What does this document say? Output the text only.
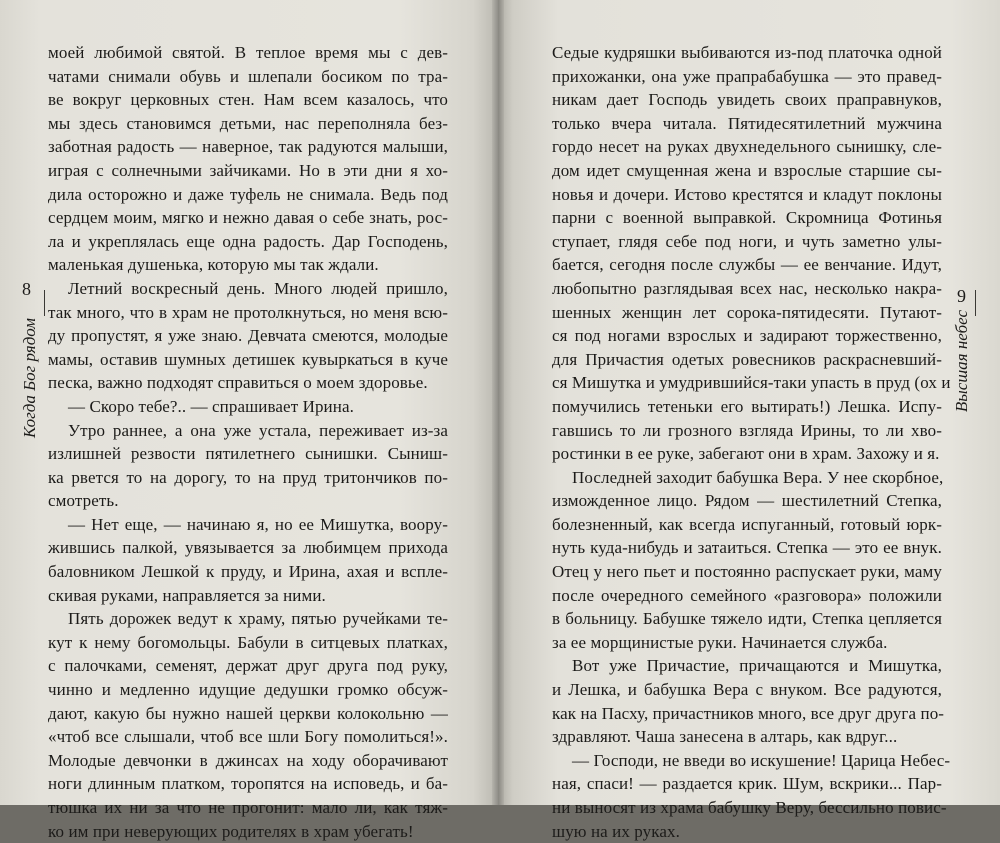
8
Когда Бог рядом
9
Высшая небес
моей любимой святой. В теплое время мы с дев-
чатами снимали обувь и шлепали босиком по тра-
ве вокруг церковных стен. Нам всем казалось, что
мы здесь становимся детьми, нас переполняла без-
заботная радость — наверное, так радуются малыши,
играя с солнечными зайчиками. Но в эти дни я хо-
дила осторожно и даже туфель не снимала. Ведь под
сердцем моим, мягко и нежно давая о себе знать, рос-
ла и укреплялась еще одна радость. Дар Господень,
маленькая душенька, которую мы так ждали.
Летний воскресный день. Много людей пришло,
так много, что в храм не протолкнуться, но меня всю-
ду пропустят, я уже знаю. Девчата смеются, молодые
мамы, оставив шумных детишек кувыркаться в куче
песка, важно подходят справиться о моем здоровье.
— Скоро тебе?.. — спрашивает Ирина.
Утро раннее, а она уже устала, переживает из-за
излишней резвости пятилетнего сынишки. Сыниш-
ка рвется то на дорогу, то на пруд тритончиков по-
смотреть.
— Нет еще, — начинаю я, но ее Мишутка, воору-
жившись палкой, увязывается за любимцем прихода
баловником Лешкой к пруду, и Ирина, ахая и вспле-
скивая руками, направляется за ними.
Пять дорожек ведут к храму, пятью ручейками те-
кут к нему богомольцы. Бабули в ситцевых платках,
с палочками, семенят, держат друг друга под руку,
чинно и медленно идущие дедушки громко обсуж-
дают, какую бы нужно нашей церкви колокольню —
«чтоб все слышали, чтоб все шли Богу помолиться!».
Молодые девчонки в джинсах на ходу оборачивают
ноги длинным платком, торопятся на исповедь, и ба-
тюшка их ни за что не прогонит: мало ли, как тяж-
ко им при неверующих родителях в храм убегать!
Седые кудряшки выбиваются из-под платочка одной
прихожанки, она уже прапрабабушка — это правед-
никам дает Господь увидеть своих праправнуков,
только вчера читала. Пятидесятилетний мужчина
гордо несет на руках двухнедельного сынишку, сле-
дом идет смущенная жена и взрослые старшие сы-
новья и дочери. Истово крестятся и кладут поклоны
парни с военной выправкой. Скромница Фотинья
ступает, глядя себе под ноги, и чуть заметно улы-
бается, сегодня после службы — ее венчание. Идут,
любопытно разглядывая всех нас, несколько накра-
шенных женщин лет сорока-пятидесяти. Путают-
ся под ногами взрослых и задирают торжественно,
для Причастия одетых ровесников раскрасневший-
ся Мишутка и умудрившийся-таки упасть в пруд (ох и
помучились тетеньки его вытирать!) Лешка. Испу-
гавшись то ли грозного взгляда Ирины, то ли хво-
ростинки в ее руке, забегают они в храм. Захожу и я.
Последней заходит бабушка Вера. У нее скорбное,
изможденное лицо. Рядом — шестилетний Степка,
болезненный, как всегда испуганный, готовый юрк-
нуть куда-нибудь и затаиться. Степка — это ее внук.
Отец у него пьет и постоянно распускает руки, маму
после очередного семейного «разговора» положили
в больницу. Бабушке тяжело идти, Степка цепляется
за ее морщинистые руки. Начинается служба.
Вот уже Причастие, причащаются и Мишутка,
и Лешка, и бабушка Вера с внуком. Все радуются,
как на Пасху, причастников много, все друг друга по-
здравляют. Чаша занесена в алтарь, как вдруг...
— Господи, не введи во искушение! Царица Небес-
ная, спаси! — раздается крик. Шум, вскрики... Пар-
ни выносят из храма бабушку Веру, бессильно повис-
шую на их руках.
